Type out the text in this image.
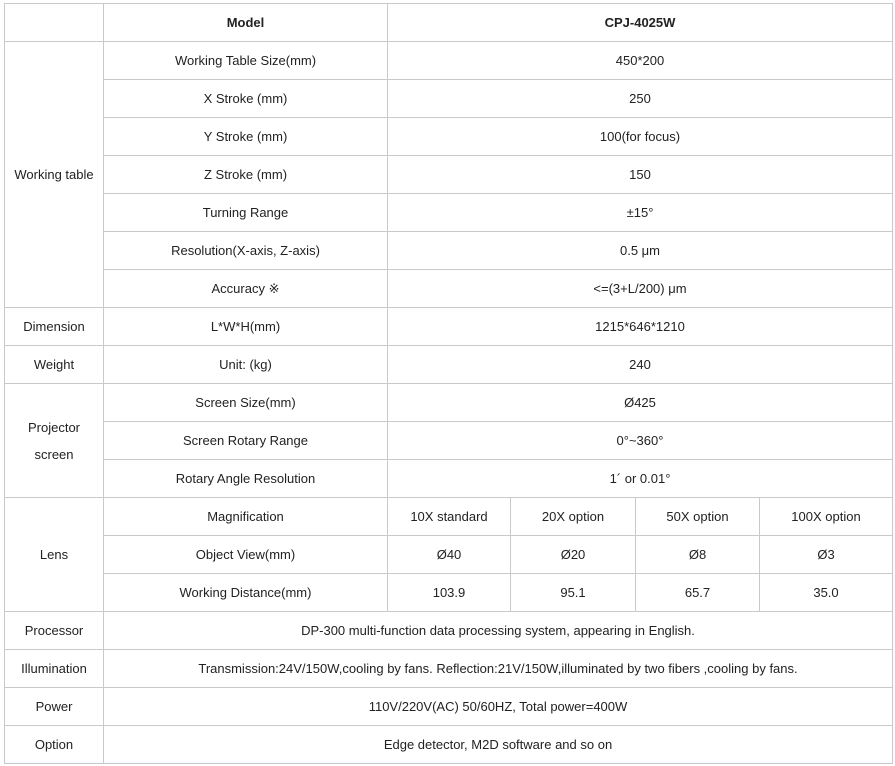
	Model	CPJ-4025W			
Working table	Working Table Size(mm)	450*200			
	X Stroke (mm)	250			
	Y Stroke (mm)	100(for focus)			
	Z Stroke (mm)	150			
	Turning Range	±15°			
	Resolution(X-axis, Z-axis)	0.5 μm			
	Accuracy ※	<=(3+L/200) μm			
Dimension	L*W*H(mm)	1215*646*1210			
Weight	Unit: (kg)	240			
Projector screen	Screen Size(mm)	Ø425			
	Screen Rotary Range	0°~360°			
	Rotary Angle Resolution	1´ or 0.01°			
Lens	Magnification	10X standard	20X option	50X option	100X option
	Object View(mm)	Ø40	Ø20	Ø8	Ø3
	Working Distance(mm)	103.9	95.1	65.7	35.0
Processor	DP-300 multi-function data processing system, appearing in English.				
Illumination	Transmission:24V/150W,cooling by fans. Reflection:21V/150W,illuminated by two fibers ,cooling by fans.				
Power	110V/220V(AC) 50/60HZ, Total power=400W				
Option	Edge detector, M2D software and so on				
